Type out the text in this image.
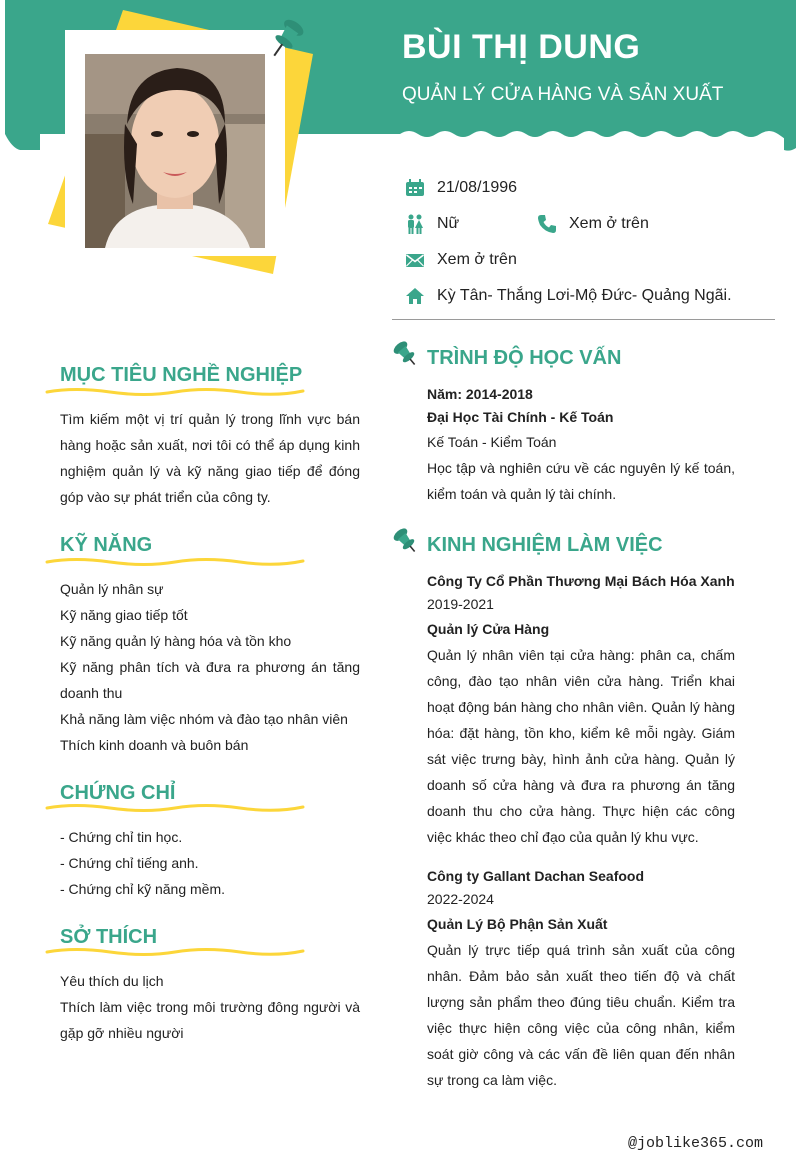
BÙI THỊ DUNG
QUẢN LÝ CỬA HÀNG VÀ SẢN XUẤT
21/08/1996
Nữ	Xem ở trên
Xem ở trên
Kỳ Tân- Thắng Lơi-Mộ Đức- Quảng Ngãi.
MỤC TIÊU NGHỀ NGHIỆP
Tìm kiếm một vị trí quản lý trong lĩnh vực bán hàng hoặc sản xuất, nơi tôi có thể áp dụng kinh nghiệm quản lý và kỹ năng giao tiếp để đóng góp vào sự phát triển của công ty.
KỸ NĂNG
Quản lý nhân sự
Kỹ năng giao tiếp tốt
Kỹ năng quản lý hàng hóa và tồn kho
Kỹ năng phân tích và đưa ra phương án tăng doanh thu
Khả năng làm việc nhóm và đào tạo nhân viên
Thích kinh doanh và buôn bán
CHỨNG CHỈ
- Chứng chỉ tin học.
- Chứng chỉ tiếng anh.
- Chứng chỉ kỹ năng mềm.
SỞ THÍCH
Yêu thích du lịch
Thích làm việc trong môi trường đông người và gặp gỡ nhiều người
TRÌNH ĐỘ HỌC VẤN
Năm: 2014-2018
Đại Học Tài Chính - Kế Toán
Kế Toán - Kiểm Toán
Học tập và nghiên cứu về các nguyên lý kế toán, kiểm toán và quản lý tài chính.
KINH NGHIỆM LÀM VIỆC
Công Ty Cổ Phần Thương Mại Bách Hóa Xanh
2019-2021
Quản lý Cửa Hàng
Quản lý nhân viên tại cửa hàng: phân ca, chấm công, đào tạo nhân viên cửa hàng. Triển khai hoạt động bán hàng cho nhân viên. Quản lý hàng hóa: đặt hàng, tồn kho, kiểm kê mỗi ngày. Giám sát việc trưng bày, hình ảnh cửa hàng. Quản lý doanh số cửa hàng và đưa ra phương án tăng doanh thu cho cửa hàng. Thực hiện các công việc khác theo chỉ đạo của quản lý khu vực.
Công ty Gallant Dachan Seafood
2022-2024
Quản Lý Bộ Phận Sản Xuất
Quản lý trực tiếp quá trình sản xuất của công nhân. Đảm bảo sản xuất theo tiến độ và chất lượng sản phẩm theo đúng tiêu chuẩn. Kiểm tra việc thực hiện công việc của công nhân, kiểm soát giờ công và các vấn đề liên quan đến nhân sự trong ca làm việc.
@joblike365.com
